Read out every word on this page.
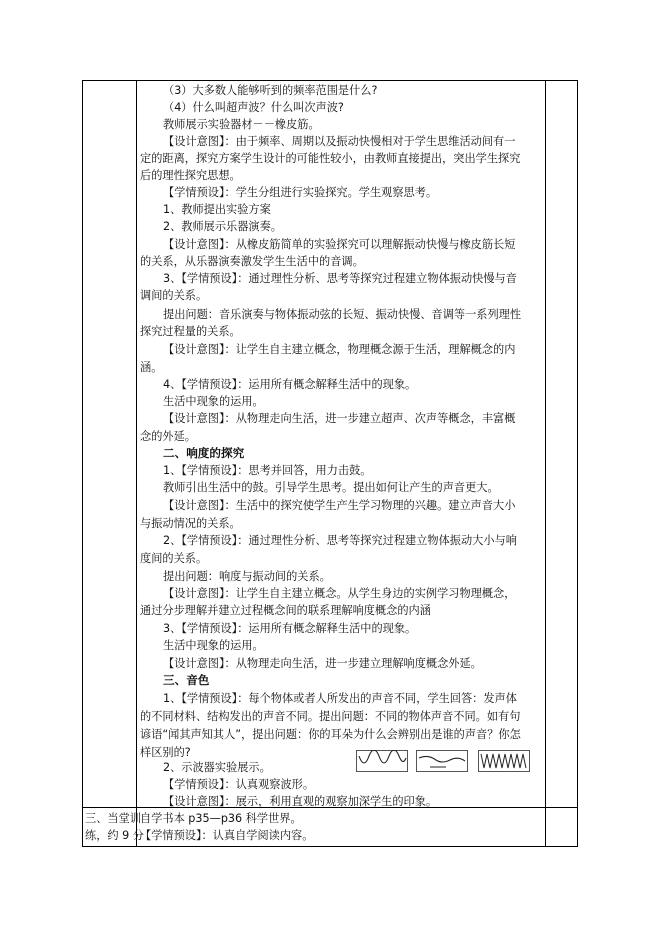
（3）大多数人能够听到的频率范围是什么?
（4）什么叫超声波？什么叫次声波?
教师展示实验器材－－橡皮筋。
【设计意图】：由于频率、周期以及振动快慢相对于学生思维活动间有一
定的距离，探究方案学生设计的可能性较小，由教师直接提出，突出学生探究
后的理性探究思想。
【学情预设】：学生分组进行实验探究。学生观察思考。
1、教师提出实验方案
2、教师展示乐器演奏。
【设计意图】：从橡皮筋简单的实验探究可以理解振动快慢与橡皮筋长短
的关系，从乐器演奏激发学生生活中的音调。
3、【学情预设】：通过理性分析、思考等探究过程建立物体振动快慢与音
调间的关系。
提出问题：音乐演奏与物体振动弦的长短、振动快慢、音调等一系列理性
探究过程量的关系。
【设计意图】：让学生自主建立概念，物理概念源于生活，理解概念的内
涵。
4、【学情预设】：运用所有概念解释生活中的现象。
生活中现象的运用。
【设计意图】：从物理走向生活，进一步建立超声、次声等概念，丰富概
念的外延。
二、响度的探究
1、【学情预设】：思考并回答，用力击鼓。
教师引出生活中的鼓。引导学生思考。提出如何让产生的声音更大。
【设计意图】：生活中的探究使学生产生学习物理的兴趣。建立声音大小
与振动情况的关系。
2、【学情预设】：通过理性分析、思考等探究过程建立物体振动大小与响
度间的关系。
提出问题：响度与振动间的关系。
【设计意图】：让学生自主建立概念。从学生身边的实例学习物理概念，
通过分步理解并建立过程概念间的联系理解响度概念的内涵
3、【学情预设】：运用所有概念解释生活中的现象。
生活中现象的运用。
【设计意图】：从物理走向生活，进一步建立理解响度概念外延。
三、音色
1、【学情预设】：每个物体或者人所发出的声音不同，学生回答：发声体
的不同材料、结构发出的声音不同。提出问题：不同的物体声音不同。如有句
谚语“闻其声知其人”，提出问题：你的耳朵为什么会辨别出是谁的声音？你怎
样区别的?
2、示波器实验展示。
【学情预设】：认真观察波形。
【设计意图】：展示，利用直观的观察加深学生的印象。
三、当堂训
练，约 9 分
自学书本 p35—p36 科学世界。
【学情预设】：认真自学阅读内容。
